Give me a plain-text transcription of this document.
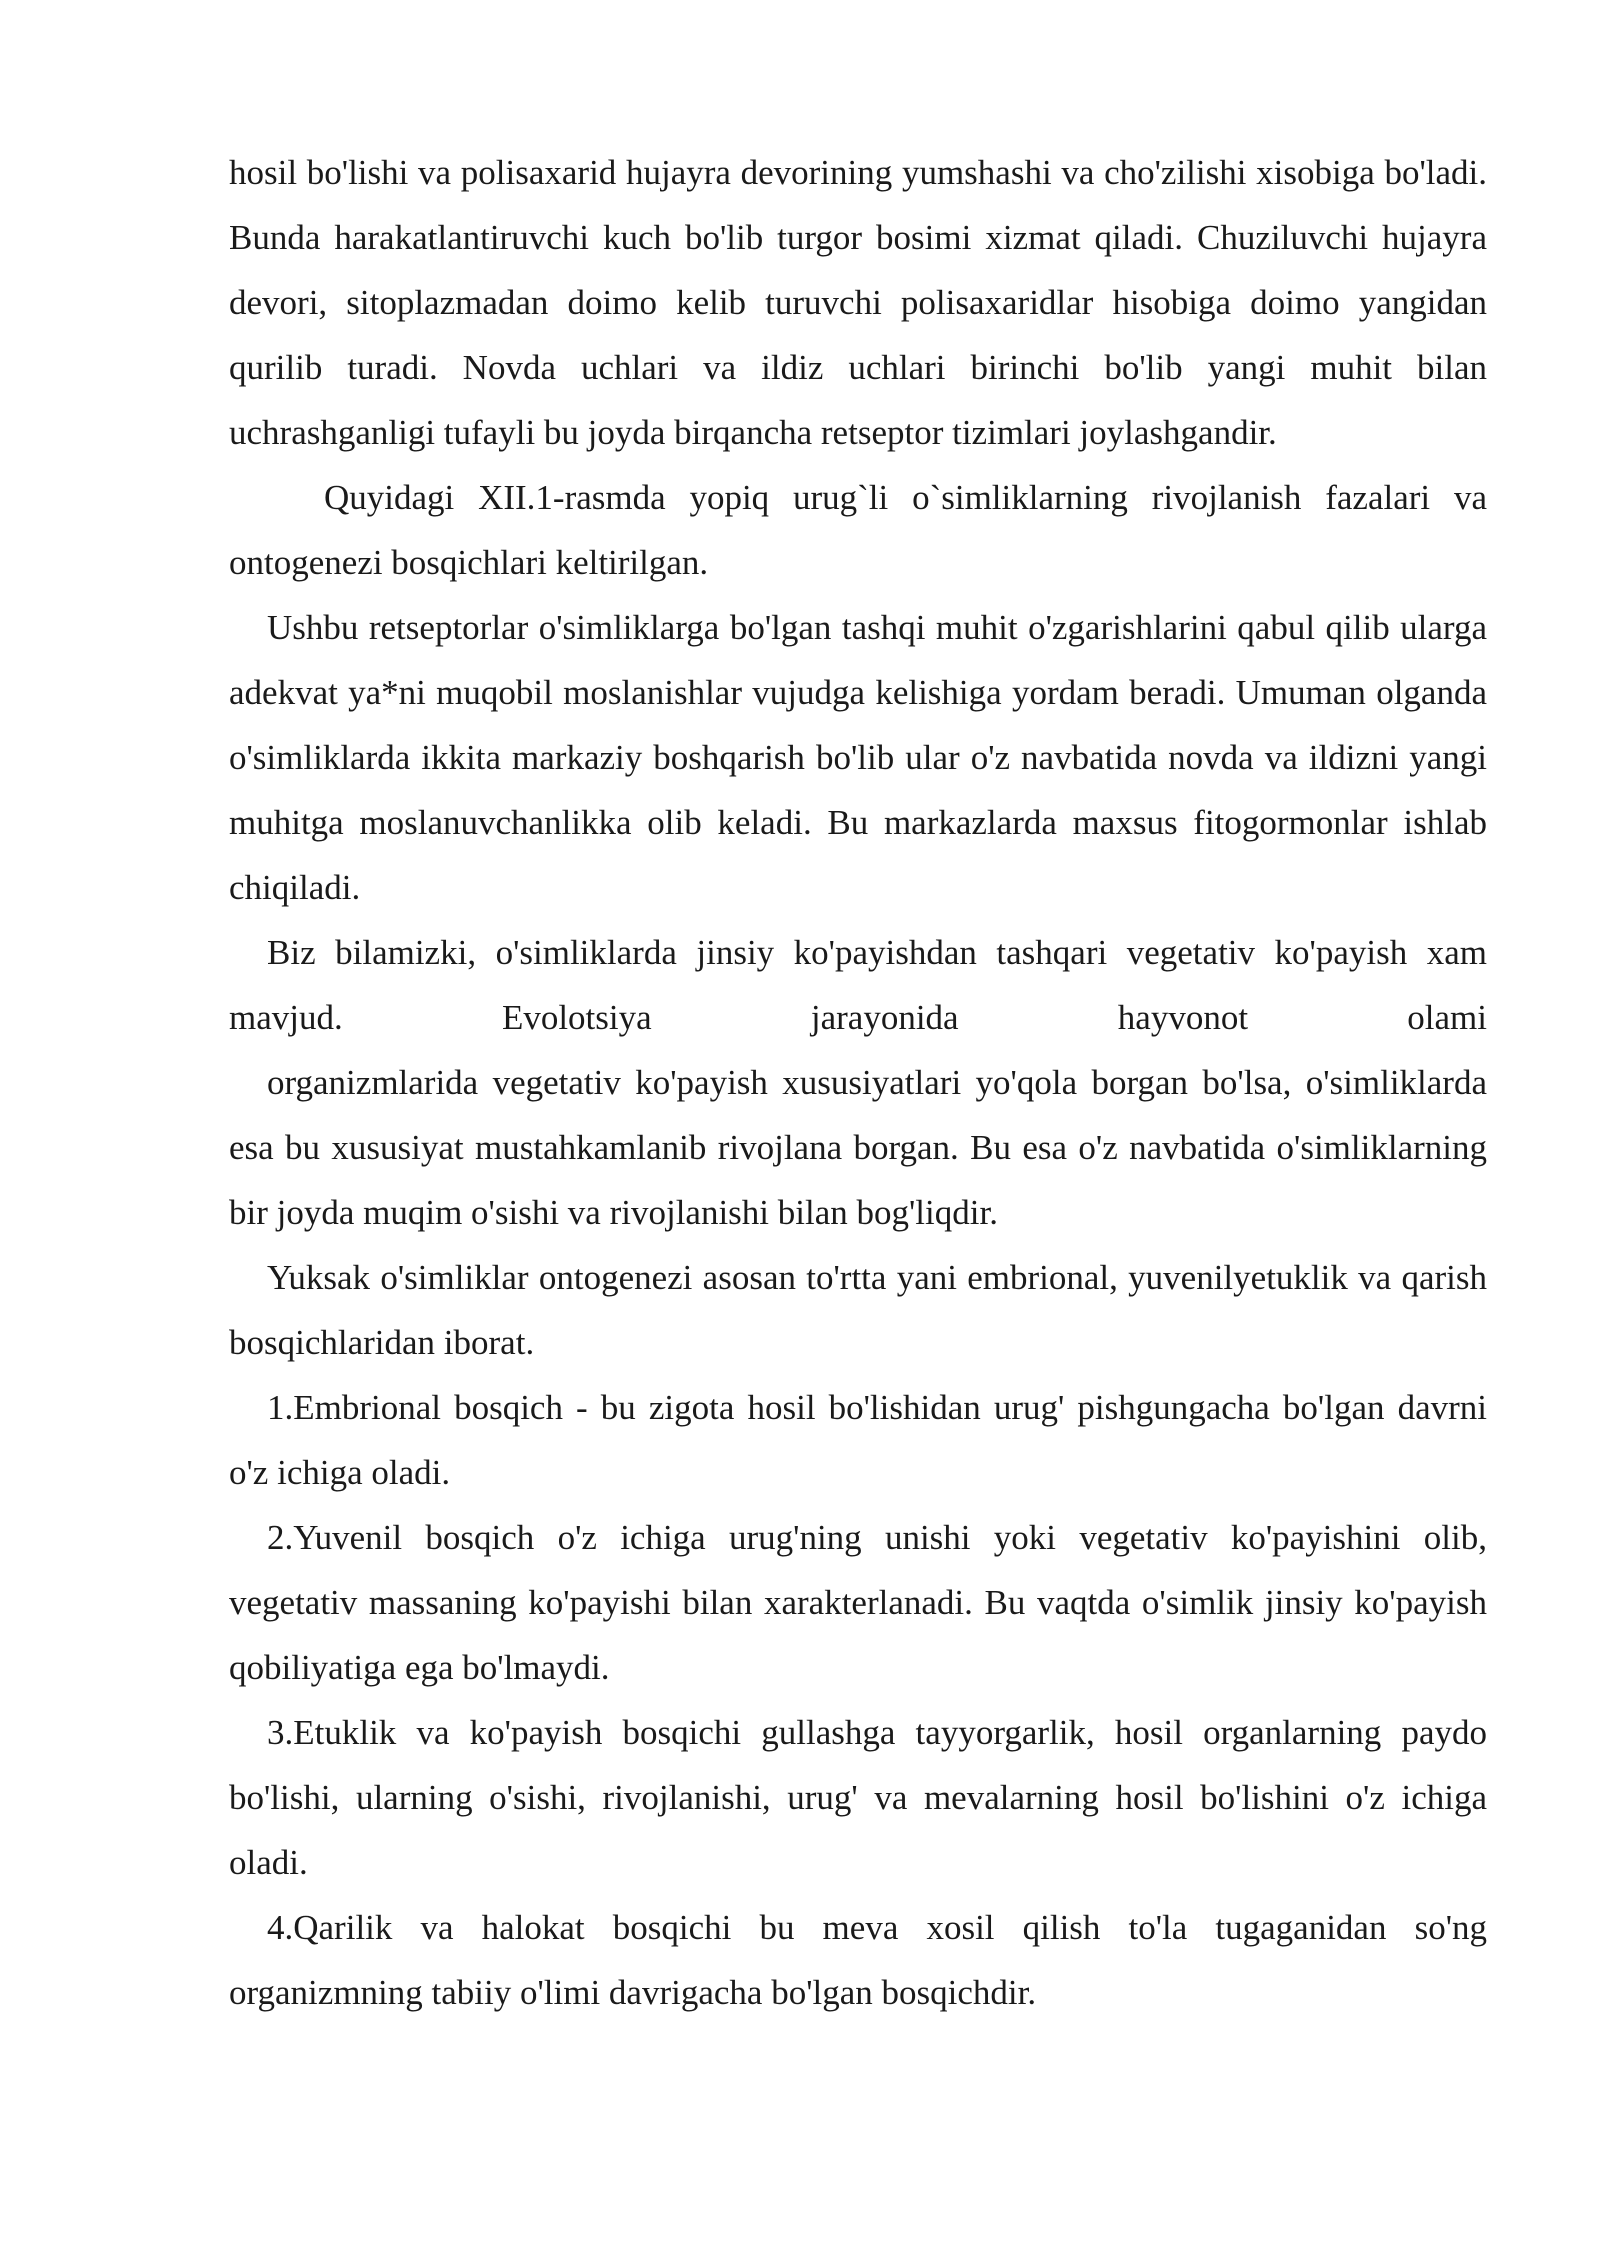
hosil bo'lishi va polisaxarid hujayra devorining yumshashi va cho'zilishi xisobiga bo'ladi. Bunda harakatlantiruvchi kuch bo'lib turgor bosimi xizmat qiladi. Chuziluvchi hujayra devori, sitoplazmadan doimo kelib turuvchi polisaxaridlar hisobiga doimo yangidan qurilib turadi. Novda uchlari va ildiz uchlari birinchi bo'lib yangi muhit bilan uchrashganligi tufayli bu joyda birqancha retseptor tizimlari joylashgandir.

Quyidagi XII.1-rasmda yopiq urug`li o`simliklarning rivojlanish fazalari va ontogenezi bosqichlari keltirilgan.

Ushbu retseptorlar o'simliklarga bo'lgan tashqi muhit o'zgarishlarini qabul qilib ularga adekvat ya*ni muqobil moslanishlar vujudga kelishiga yordam beradi. Umuman olganda o'simliklarda ikkita markaziy boshqarish bo'lib ular o'z navbatida novda va ildizni yangi muhitga moslanuvchanlikka olib keladi. Bu markazlarda maxsus fitogormonlar ishlab chiqiladi.

Biz bilamizki, o'simliklarda jinsiy ko'payishdan tashqari vegetativ ko'payish xam mavjud. Evolotsiya jarayonida hayvonot olami

organizmlarida vegetativ ko'payish xususiyatlari yo'qola borgan bo'lsa, o'simliklarda esa bu xususiyat mustahkamlanib rivojlana borgan. Bu esa o'z navbatida o'simliklarning bir joyda muqim o'sishi va rivojlanishi bilan bog'liqdir.

Yuksak o'simliklar ontogenezi asosan to'rtta yani embrional, yuvenilyetuklik va qarish bosqichlaridan iborat.

1.Embrional bosqich - bu zigota hosil bo'lishidan urug' pishgungacha bo'lgan davrni o'z ichiga oladi.

2.Yuvenil bosqich o'z ichiga urug'ning unishi yoki vegetativ ko'payishini olib, vegetativ massaning ko'payishi bilan xarakterlanadi. Bu vaqtda o'simlik jinsiy ko'payish qobiliyatiga ega bo'lmaydi.

3.Etuklik va ko'payish bosqichi gullashga tayyorgarlik, hosil organlarning paydo bo'lishi, ularning o'sishi, rivojlanishi, urug' va mevalarning hosil bo'lishini o'z ichiga oladi.

4.Qarilik va halokat bosqichi bu meva xosil qilish to'la tugaganidan so'ng organizmning tabiiy o'limi davrigacha bo'lgan bosqichdir.
